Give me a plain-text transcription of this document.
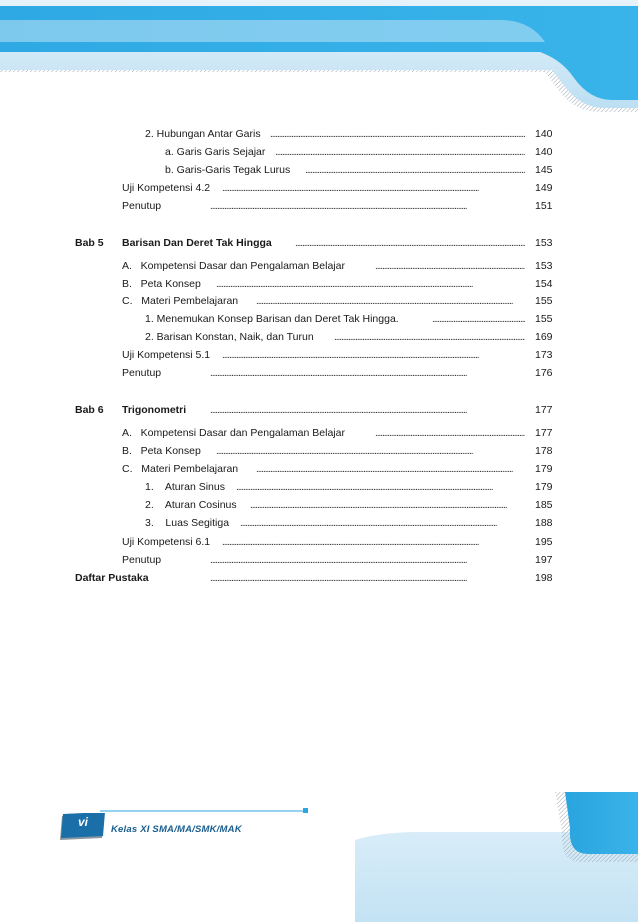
vi
Kelas XI SMA/MA/SMK/MAK
2. Hubungan Antar Garis . . .	140
a. Garis Garis Sejajar . . .	140
b. Garis-Garis Tegak Lurus . . .	145
Uji Kompetensi 4.2 . . .	149
Penutup . . .	151
Bab 5 Barisan Dan Deret Tak Hingga . . .	153
A.   Kompetensi Dasar dan Pengalaman Belajar . . .	153
B.   Peta Konsep . . .	154
C.   Materi Pembelajaran . . .	155
1. Menemukan Konsep Barisan dan Deret Tak Hingga. . . .	155
2. Barisan Konstan, Naik, dan Turun . . .	169
Uji Kompetensi 5.1 . . .	173
Penutup . . .	176
Bab 6 Trigonometri . . .	177
A.   Kompetensi Dasar dan Pengalaman Belajar . . .	177
B.   Peta Konsep . . .	178
C.   Materi Pembelajaran . . .	179
1.    Aturan Sinus . . .	179
2.    Aturan Cosinus . . .	185
3.    Luas Segitiga . . .	188
Uji Kompetensi 6.1 . . .	195
Penutup . . .	197
Daftar Pustaka . . .	198
